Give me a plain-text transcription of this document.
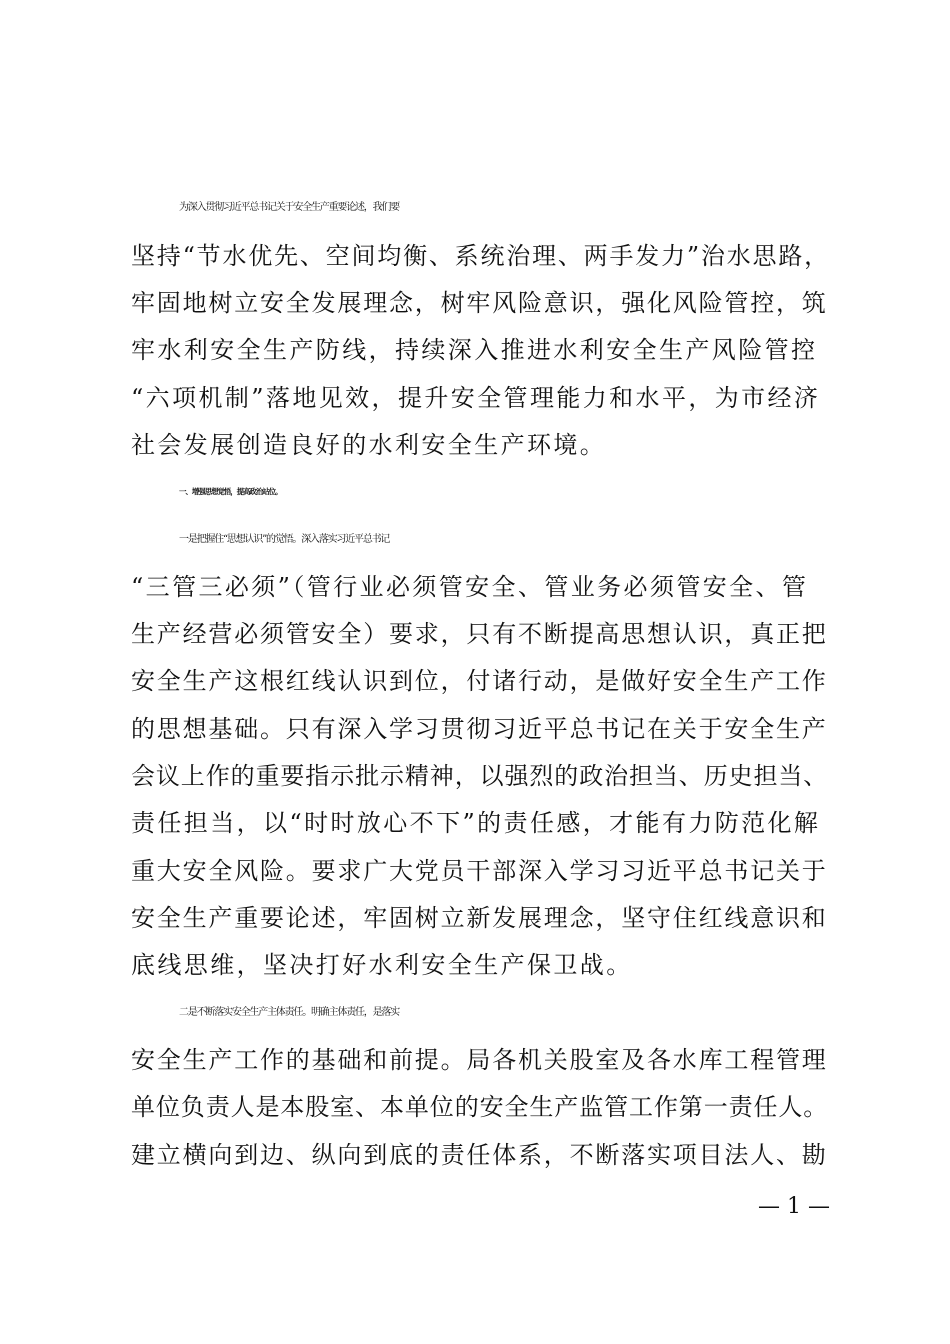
为深入贯彻习近平总书记关于安全生产重要论述，我们要
坚持“节水优先、空间均衡、系统治理、两手发力”治水思路，
牢固地树立安全发展理念，树牢风险意识，强化风险管控，筑
牢水利安全生产防线，持续深入推进水利安全生产风险管控
“六项机制”落地见效，提升安全管理能力和水平，为市经济
社会发展创造良好的水利安全生产环境。
一、增强思想觉悟，提高政治站位。
一是把握住“思想认识”的觉悟。深入落实习近平总书记
“三管三必须”（管行业必须管安全、管业务必须管安全、管
生产经营必须管安全）要求，只有不断提高思想认识，真正把
安全生产这根红线认识到位，付诸行动，是做好安全生产工作
的思想基础。只有深入学习贯彻习近平总书记在关于安全生产
会议上作的重要指示批示精神，以强烈的政治担当、历史担当、
责任担当，以“时时放心不下”的责任感，才能有力防范化解
重大安全风险。要求广大党员干部深入学习习近平总书记关于
安全生产重要论述，牢固树立新发展理念，坚守住红线意识和
底线思维，坚决打好水利安全生产保卫战。
二是不断落实安全生产主体责任。明确主体责任，是落实
安全生产工作的基础和前提。局各机关股室及各水库工程管理
单位负责人是本股室、本单位的安全生产监管工作第一责任人。
建立横向到边、纵向到底的责任体系，不断落实项目法人、勘
— 1 —
